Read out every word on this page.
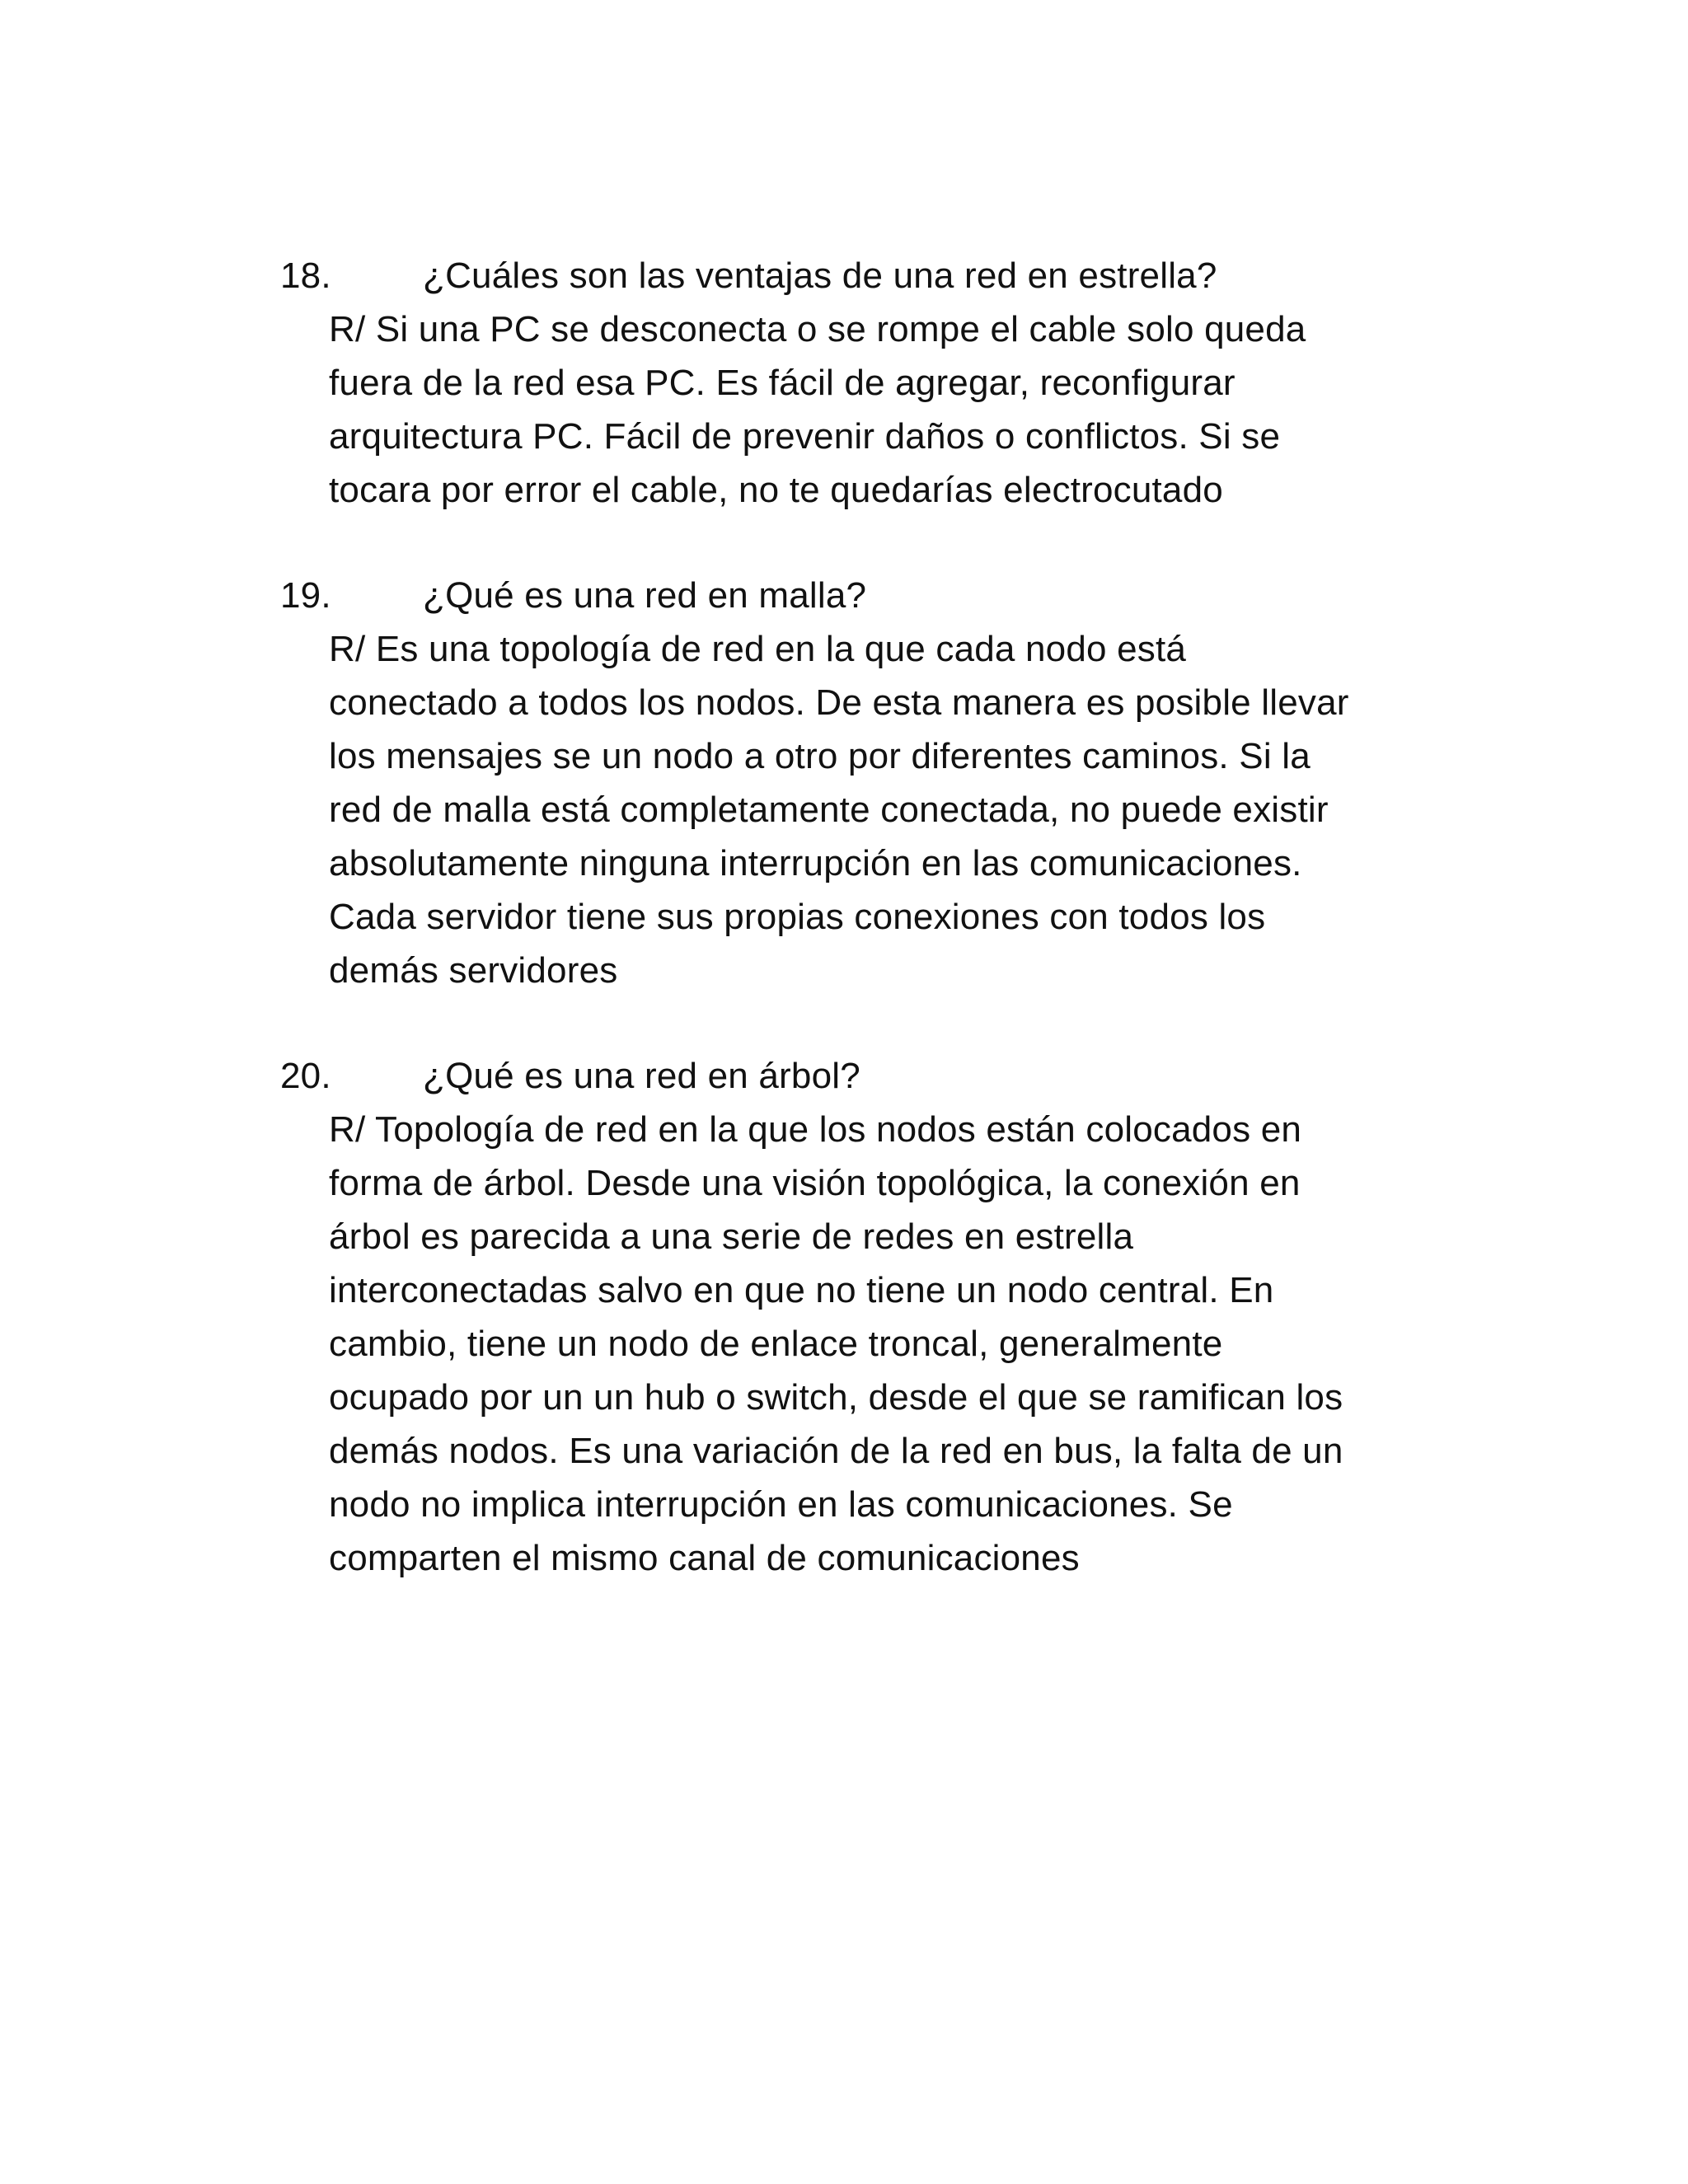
18.	¿Cuáles son las ventajas de una red en estrella?
R/ Si una PC se desconecta o se rompe el cable solo queda
fuera de la red esa PC. Es fácil de agregar, reconfigurar
arquitectura PC. Fácil de prevenir daños o conflictos. Si se
tocara por error el cable, no te quedarías electrocutado
19.	¿Qué es una red en malla?
R/ Es una topología de red en la que cada nodo está
conectado a todos los nodos. De esta manera es posible llevar
los mensajes se un nodo a otro por diferentes caminos. Si la
red de malla está completamente conectada, no puede existir
absolutamente ninguna interrupción en las comunicaciones.
Cada servidor tiene sus propias conexiones con todos los
demás servidores
20.	¿Qué es una red en árbol?
R/ Topología de red en la que los nodos están colocados en
forma de árbol. Desde una visión topológica, la conexión en
árbol es parecida a una serie de redes en estrella
interconectadas salvo en que no tiene un nodo central. En
cambio, tiene un nodo de enlace troncal, generalmente
ocupado por un un hub o switch, desde el que se ramifican los
demás nodos. Es una variación de la red en bus, la falta de un
nodo no implica interrupción en las comunicaciones. Se
comparten el mismo canal de comunicaciones
